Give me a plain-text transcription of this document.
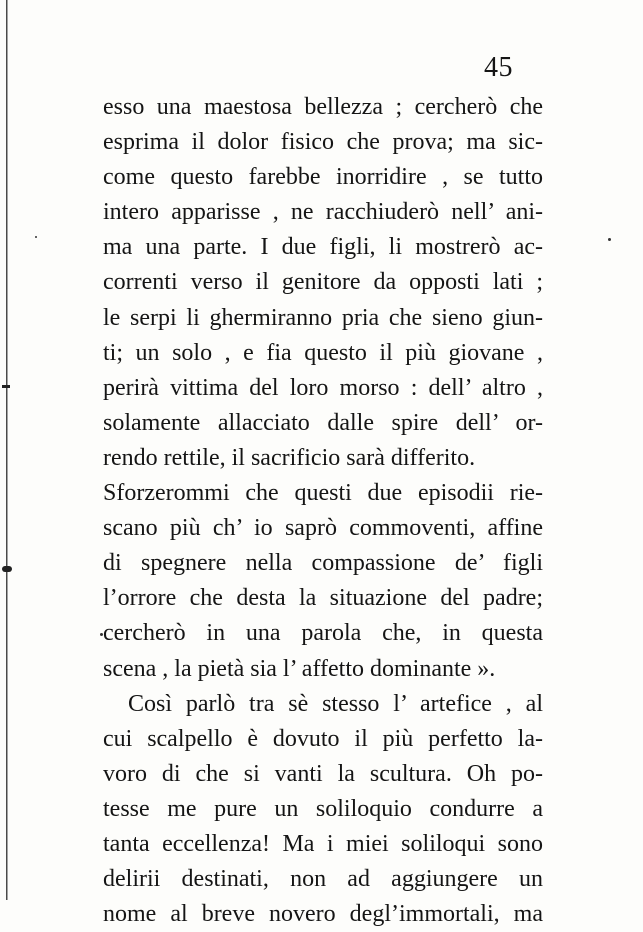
45
esso una maestosa bellezza ; cercherò che
esprima il dolor fisico che prova; ma sic-
come questo farebbe inorridire , se tutto
intero apparisse , ne racchiuderò nell’ ani-
ma una parte. I due figli, li mostrerò ac-
correnti verso il genitore da opposti lati ;
le serpi li ghermiranno pria che sieno giun-
ti; un solo , e fia questo il più giovane ,
perirà vittima del loro morso : dell’ altro ,
solamente allacciato dalle spire dell’ or-
rendo rettile, il sacrificio sarà differito.
Sforzerommi che questi due episodii rie-
scano più ch’ io saprò commoventi, affine
di spegnere nella compassione de’ figli
l’orrore che desta la situazione del padre;
cercherò in una parola che, in questa
scena , la pietà sia l’ affetto dominante ».
Così parlò tra sè stesso l’ artefice , al
cui scalpello è dovuto il più perfetto la-
voro di che si vanti la scultura. Oh po-
tesse me pure un soliloquio condurre a
tanta eccellenza! Ma i miei soliloqui sono
delirii destinati, non ad aggiungere un
nome al breve novero degl’immortali, ma
